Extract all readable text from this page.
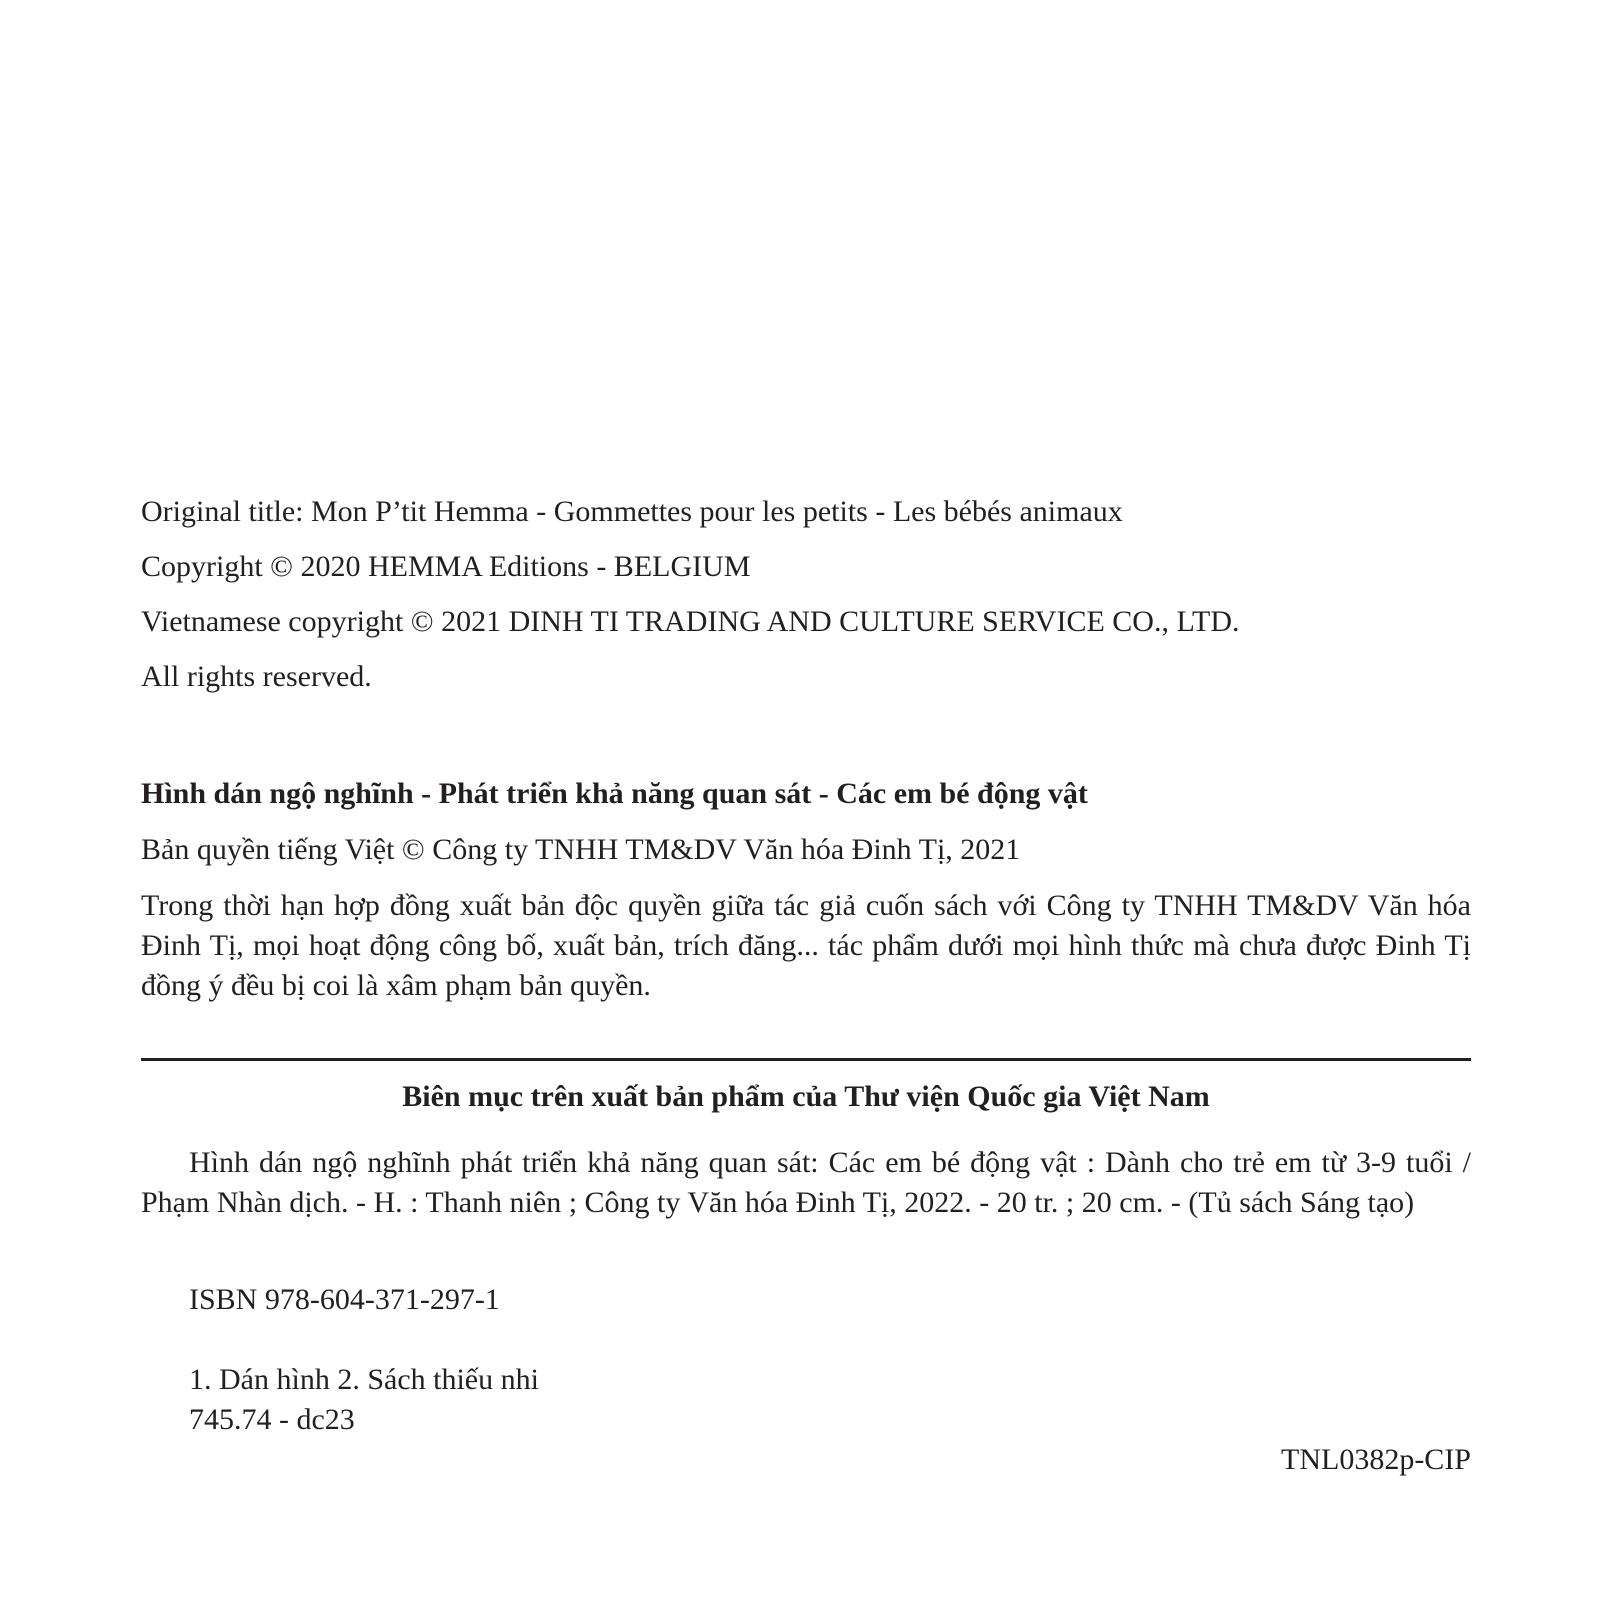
Original title: Mon P’tit Hemma - Gommettes pour les petits - Les bébés animaux
Copyright © 2020 HEMMA Editions - BELGIUM
Vietnamese copyright © 2021 DINH TI TRADING AND CULTURE SERVICE CO., LTD.
All rights reserved.
Hình dán ngộ nghĩnh - Phát triển khả năng quan sát - Các em bé động vật
Bản quyền tiếng Việt © Công ty TNHH TM&DV Văn hóa Đinh Tị, 2021
Trong thời hạn hợp đồng xuất bản độc quyền giữa tác giả cuốn sách với Công ty TNHH TM&DV Văn hóa Đinh Tị, mọi hoạt động công bố, xuất bản, trích đăng... tác phẩm dưới mọi hình thức mà chưa được Đinh Tị đồng ý đều bị coi là xâm phạm bản quyền.
Biên mục trên xuất bản phẩm của Thư viện Quốc gia Việt Nam
Hình dán ngộ nghĩnh phát triển khả năng quan sát: Các em bé động vật : Dành cho trẻ em từ 3-9 tuổi / Phạm Nhàn dịch. - H. : Thanh niên ; Công ty Văn hóa Đinh Tị, 2022. - 20 tr. ; 20 cm. - (Tủ sách Sáng tạo)
ISBN 978-604-371-297-1
1. Dán hình 2. Sách thiếu nhi
745.74 - dc23
TNL0382p-CIP
